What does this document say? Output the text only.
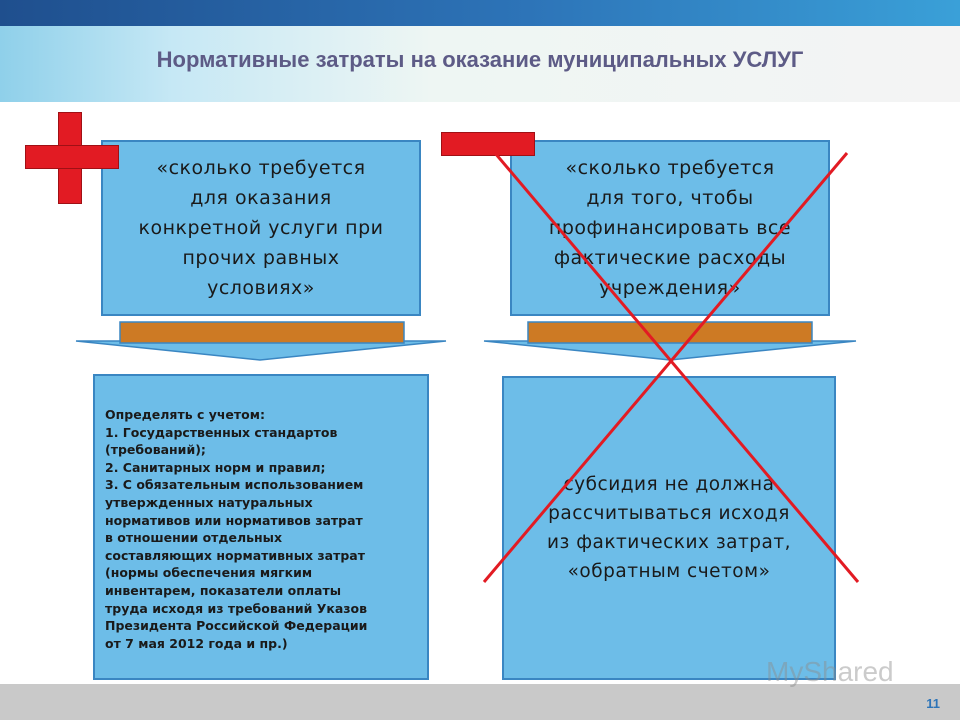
Нормативные затраты на оказание муниципальных УСЛУГ
«сколько требуется
для оказания
конкретной услуги при
прочих равных
условиях»
«сколько требуется
для того, чтобы
профинансировать все
фактические расходы
учреждения»
Определять с учетом:
1. Государственных стандартов
(требований);
2. Санитарных норм и правил;
3. С обязательным использованием
утвержденных натуральных
нормативов или нормативов затрат
в отношении отдельных
составляющих нормативных затрат
(нормы обеспечения мягким
инвентарем, показатели оплаты
труда исходя из требований Указов
Президента Российской Федерации
от 7 мая 2012 года и пр.)
субсидия не должна
рассчитываться исходя
из фактических затрат,
«обратным счетом»
MyShared
11
